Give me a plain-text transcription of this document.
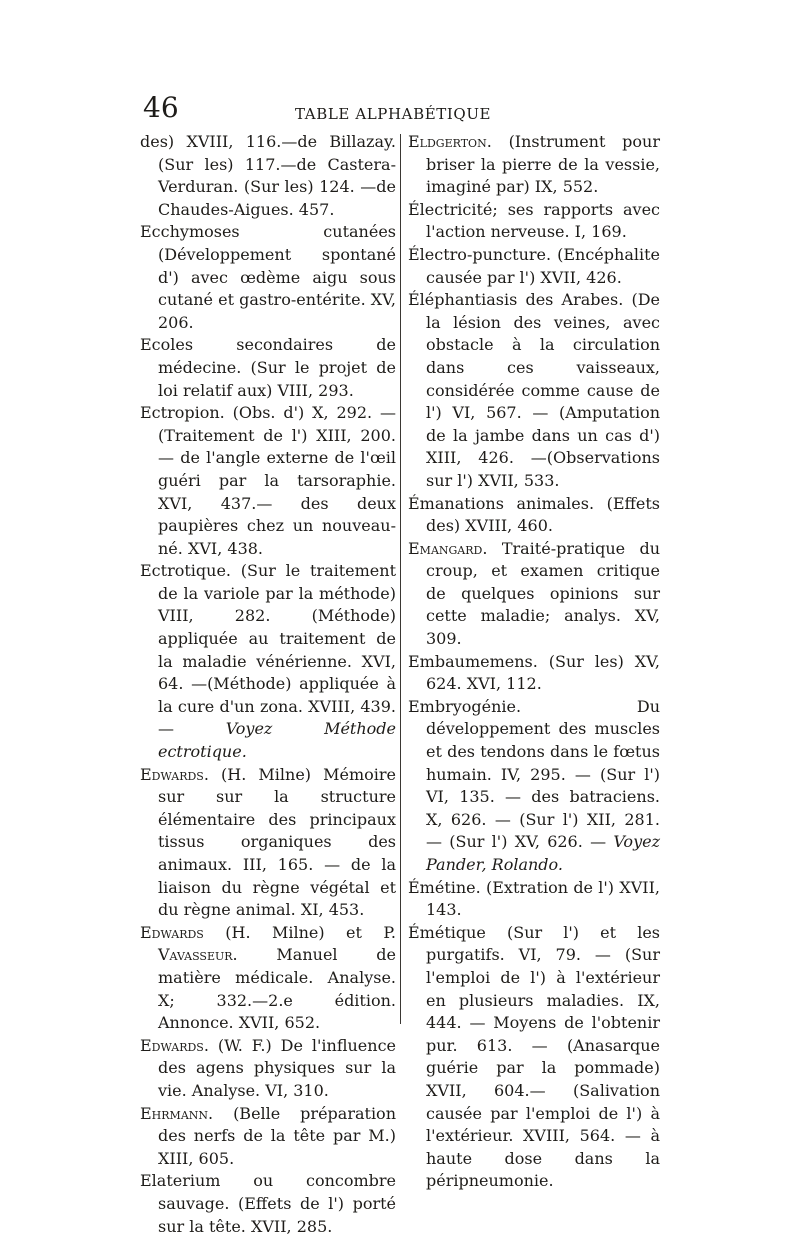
46	TABLE ALPHABÉTIQUE

des) XVIII, 116.—de Billazay. (Sur les) 117.—de Castera-Verduran. (Sur les) 124. —de Chaudes-Aigues. 457.

Ecchymoses cutanées (Développement spontané d') avec œdème aigu sous cutané et gastro-entérite. XV, 206.

Ecoles secondaires de médecine. (Sur le projet de loi relatif aux) VIII, 293.

Ectropion. (Obs. d') X, 292. — (Traitement de l') XIII, 200.— de l'angle externe de l'œil guéri par la tarsoraphie. XVI, 437.— des deux paupières chez un nouveau-né. XVI, 438.

Ectrotique. (Sur le traitement de la variole par la méthode) VIII, 282. (Méthode) appliquée au traitement de la maladie vénérienne. XVI, 64. —(Méthode) appliquée à la cure d'un zona. XVIII, 439. —	Voyez Méthode ectrotique.

Edwards. (H. Milne) Mémoire sur sur la structure élémentaire des principaux tissus organiques des animaux. III, 165. — de la liaison du règne végétal et du règne animal. XI, 453.

Edwards (H. Milne) et P. Vavasseur. Manuel de matière médicale. Analyse. X; 332.—2.e édition. Annonce. XVII, 652.

Edwards. (W. F.) De l'influence des agens physiques sur la vie. Analyse. VI, 310.

Ehrmann. (Belle préparation des nerfs de la tête par M.) XIII, 605.

Elaterium ou concombre sauvage. (Effets de l') porté sur la tête. XVII, 285.

Eldgerton. (Instrument pour briser la pierre de la vessie, imaginé par) IX, 552.

Électricité; ses rapports avec l'action nerveuse. I, 169.

Électro-puncture. (Encéphalite causée par l') XVII, 426.

Éléphantiasis des Arabes. (De la lésion des veines, avec obstacle à la circulation dans ces vaisseaux, considérée comme cause de l') VI, 567. — (Amputation de la jambe dans un cas d') XIII, 426. —(Observations sur l') XVII, 533.

Émanations animales. (Effets des) XVIII, 460.

Emangard. Traité-pratique du croup, et examen critique de quelques opinions sur cette maladie; analys. XV, 309.

Embaumemens. (Sur les) XV, 624. XVI, 112.

Embryogénie. Du développement des muscles et des tendons dans le fœtus humain. IV, 295. — (Sur l') VI, 135. — des batraciens. X, 626. — (Sur l') XII, 281. — (Sur l') XV, 626. — Voyez Pander, Rolando.

Émétine. (Extration de l') XVII, 143.

Émétique (Sur l') et les purgatifs. VI, 79. — (Sur l'emploi de l') à l'extérieur en plusieurs maladies. IX, 444. — Moyens de l'obtenir pur. 613. — (Anasarque guérie par la pommade) XVII, 604.— (Salivation causée par l'emploi de l') à l'extérieur. XVIII, 564. — à haute dose dans la péripneumonie.
